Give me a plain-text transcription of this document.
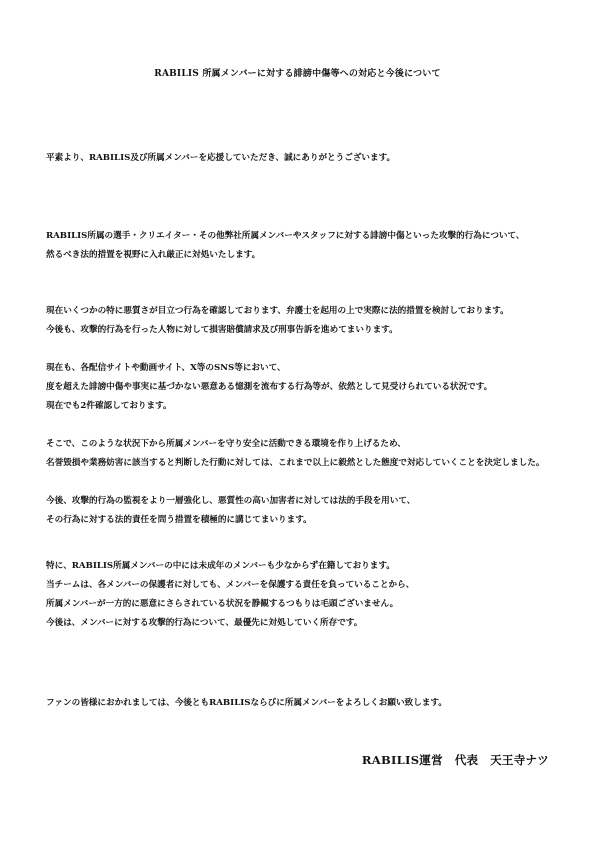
RABILIS 所属メンバーに対する誹謗中傷等への対応と今後について
平素より、RABILIS及び所属メンバーを応援していただき、誠にありがとうございます。
RABILIS所属の選手・クリエイター・その他弊社所属メンバーやスタッフに対する誹謗中傷といった攻撃的行為について、
然るべき法的措置を視野に入れ厳正に対処いたします。
現在いくつかの特に悪質さが目立つ行為を確認しております、弁護士を起用の上で実際に法的措置を検討しております。
今後も、攻撃的行為を行った人物に対して損害賠償請求及び刑事告訴を進めてまいります。
現在も、各配信サイトや動画サイト、X等のSNS等において、
度を超えた誹謗中傷や事実に基づかない悪意ある憶測を流布する行為等が、依然として見受けられている状況です。
現在でも2件確認しております。
そこで、このような状況下から所属メンバーを守り安全に活動できる環境を作り上げるため、
名誉毀損や業務妨害に該当すると判断した行動に対しては、これまで以上に毅然とした態度で対応していくことを決定しました。
今後、攻撃的行為の監視をより一層強化し、悪質性の高い加害者に対しては法的手段を用いて、
その行為に対する法的責任を問う措置を積極的に講じてまいります。
特に、RABILIS所属メンバーの中には未成年のメンバーも少なからず在籍しております。
当チームは、各メンバーの保護者に対しても、メンバーを保護する責任を負っていることから、
所属メンバーが一方的に悪意にさらされている状況を静観するつもりは毛頭ございません。
今後は、メンバーに対する攻撃的行為について、最優先に対処していく所存です。
ファンの皆様におかれましては、今後ともRABILISならびに所属メンバーをよろしくお願い致します。
RABILIS運営　代表　天王寺ナツ
